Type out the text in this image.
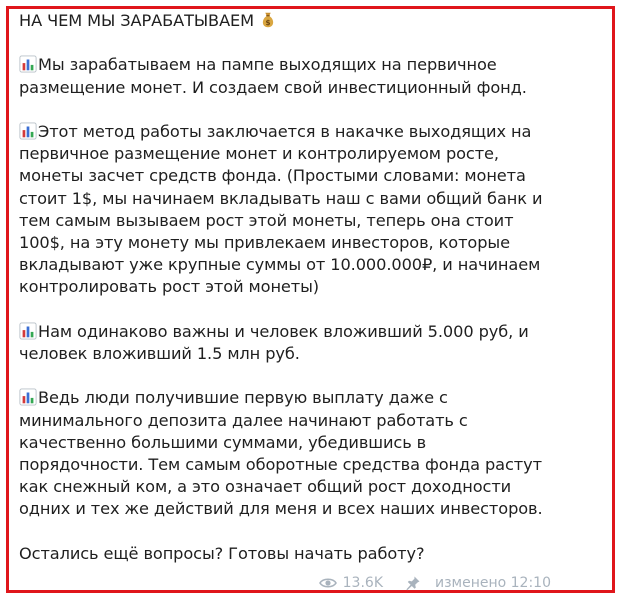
НА ЧЕМ МЫ ЗАРАБАТЫВАЕМ $
Мы зарабатываем на пампе выходящих на первичное
размещение монет. И создаем свой инвестиционный фонд.
Этот метод работы заключается в накачке выходящих на
первичное размещение монет и контролируемом росте,
монеты засчет средств фонда. (Простыми словами: монета
стоит 1$, мы начинаем вкладывать наш с вами общий банк и
тем самым вызываем рост этой монеты, теперь она стоит
100$, на эту монету мы привлекаем инвесторов, которые
вкладывают уже крупные суммы от 10.000.000₽, и начинаем
контролировать рост этой монеты)
Нам одинаково важны и человек вложивший 5.000 руб, и
человек вложивший 1.5 млн руб.
Ведь люди получившие первую выплату даже с
минимального депозита далее начинают работать с
качественно большими суммами, убедившись в
порядочности. Тем самым оборотные средства фонда растут
как снежный ком, а это означает общий рост доходности
одних и тех же действий для меня и всех наших инвесторов.
Остались ещё вопросы? Готовы начать работу?
13.6K	изменено 12:10
